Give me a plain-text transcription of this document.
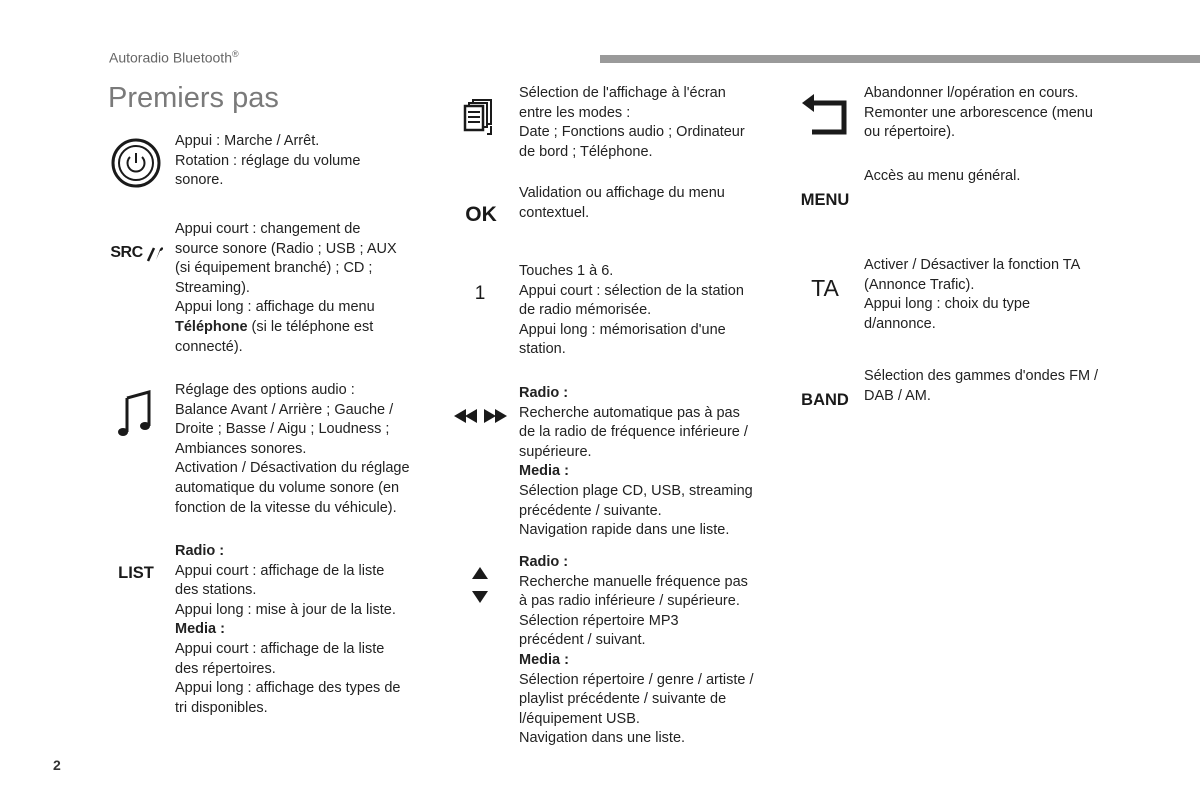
Autoradio Bluetooth®
Premiers pas

Appui : Marche / Arrêt.

Rotation : réglage du volume

sonore.

SRC

Appui court : changement de

source sonore (Radio ; USB ; AUX

(si équipement branché) ; CD ;

Streaming).

Appui long : affichage du menu

Téléphone (si le téléphone est

connecté).

Réglage des options audio :

Balance Avant / Arrière ; Gauche /

Droite ; Basse / Aigu ; Loudness ;

Ambiances sonores.

Activation / Désactivation du réglage

automatique du volume sonore (en

fonction de la vitesse du véhicule).

LIST

Radio :

Appui court : affichage de la liste

des stations.

Appui long : mise à jour de la liste.

Media :

Appui court : affichage de la liste

des répertoires.

Appui long : affichage des types de

tri disponibles.

Sélection de l'affichage à l'écran

entre les modes :

Date ; Fonctions audio ; Ordinateur

de bord ; Téléphone.

OK

Validation ou affichage du menu

contextuel.

1

Touches 1 à 6.

Appui court : sélection de la station

de radio mémorisée.

Appui long : mémorisation d'une

station.

Radio :

Recherche automatique pas à pas

de la radio de fréquence inférieure /

supérieure.

Media :

Sélection plage CD, USB, streaming

précédente / suivante.

Navigation rapide dans une liste.

Radio :

Recherche manuelle fréquence pas

à pas radio inférieure / supérieure.

Sélection répertoire MP3

précédent / suivant.

Media :

Sélection répertoire / genre / artiste /

playlist précédente / suivante de

l/équipement USB.

Navigation dans une liste.

Abandonner l/opération en cours.

Remonter une arborescence (menu

ou répertoire).

MENU

Accès au menu général.

TA

Activer / Désactiver la fonction TA

(Annonce Trafic).

Appui long : choix du type

d/annonce.

BAND

Sélection des gammes d'ondes FM /

DAB / AM.

2
